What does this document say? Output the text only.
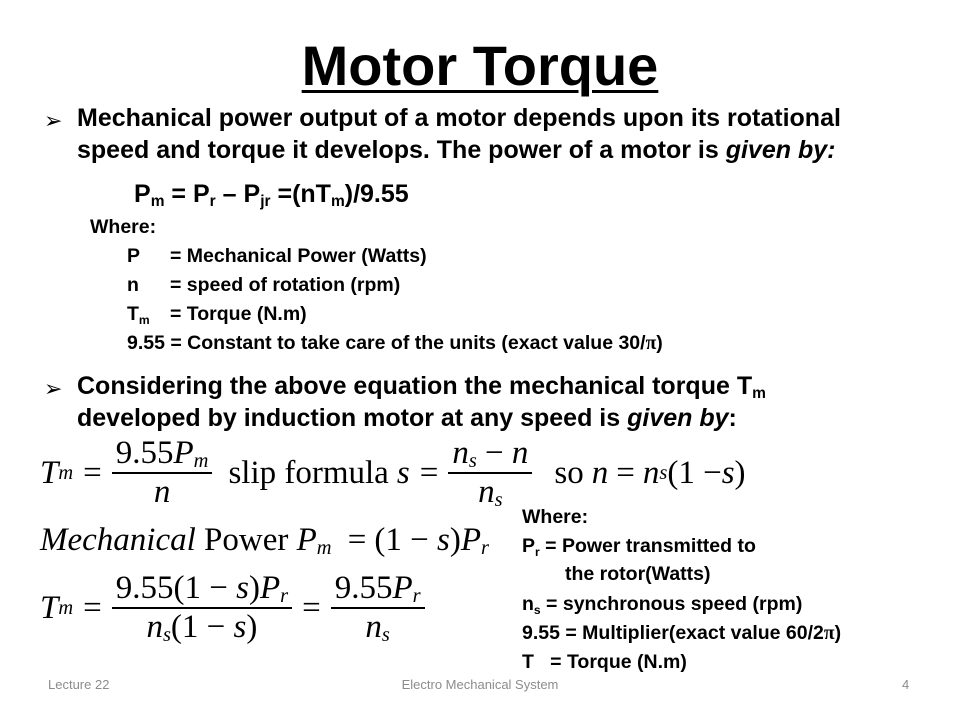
Motor Torque
➢ Mechanical power output of a motor depends upon its rotational
speed and torque it develops. The power of a motor is given by:
$P_m = P_r - P_{jr} =(nT_m)/9.55$
Where:
P = Mechanical Power (Watts)
n = speed of rotation (rpm)
$T_m$ = Torque (N.m)
9.55 = Constant to take care of the units (exact value 30/π)
➢ Considering the above equation the mechanical torque $T_m$
developed by induction motor at any speed is given by:
T $m = \frac{9.55Pm}{n}$ slip formula $s = \frac{ns - n}{ns}$ so n = n s (1 − s )
Mechanical Power Pm = (1 − s)Pr
T $m = \frac{9.55(1 - s)Pr}{ns(1 - s)} = \frac{9.55Pr}{ns}$
Where:
$P_r$ = Power transmitted to
the rotor(Watts)
$n_s$ = synchronous speed (rpm)
9.55 = Multiplier(exact value 60/2π)
T   = Torque (N.m)
Lecture 22	Electro Mechanical System	4
